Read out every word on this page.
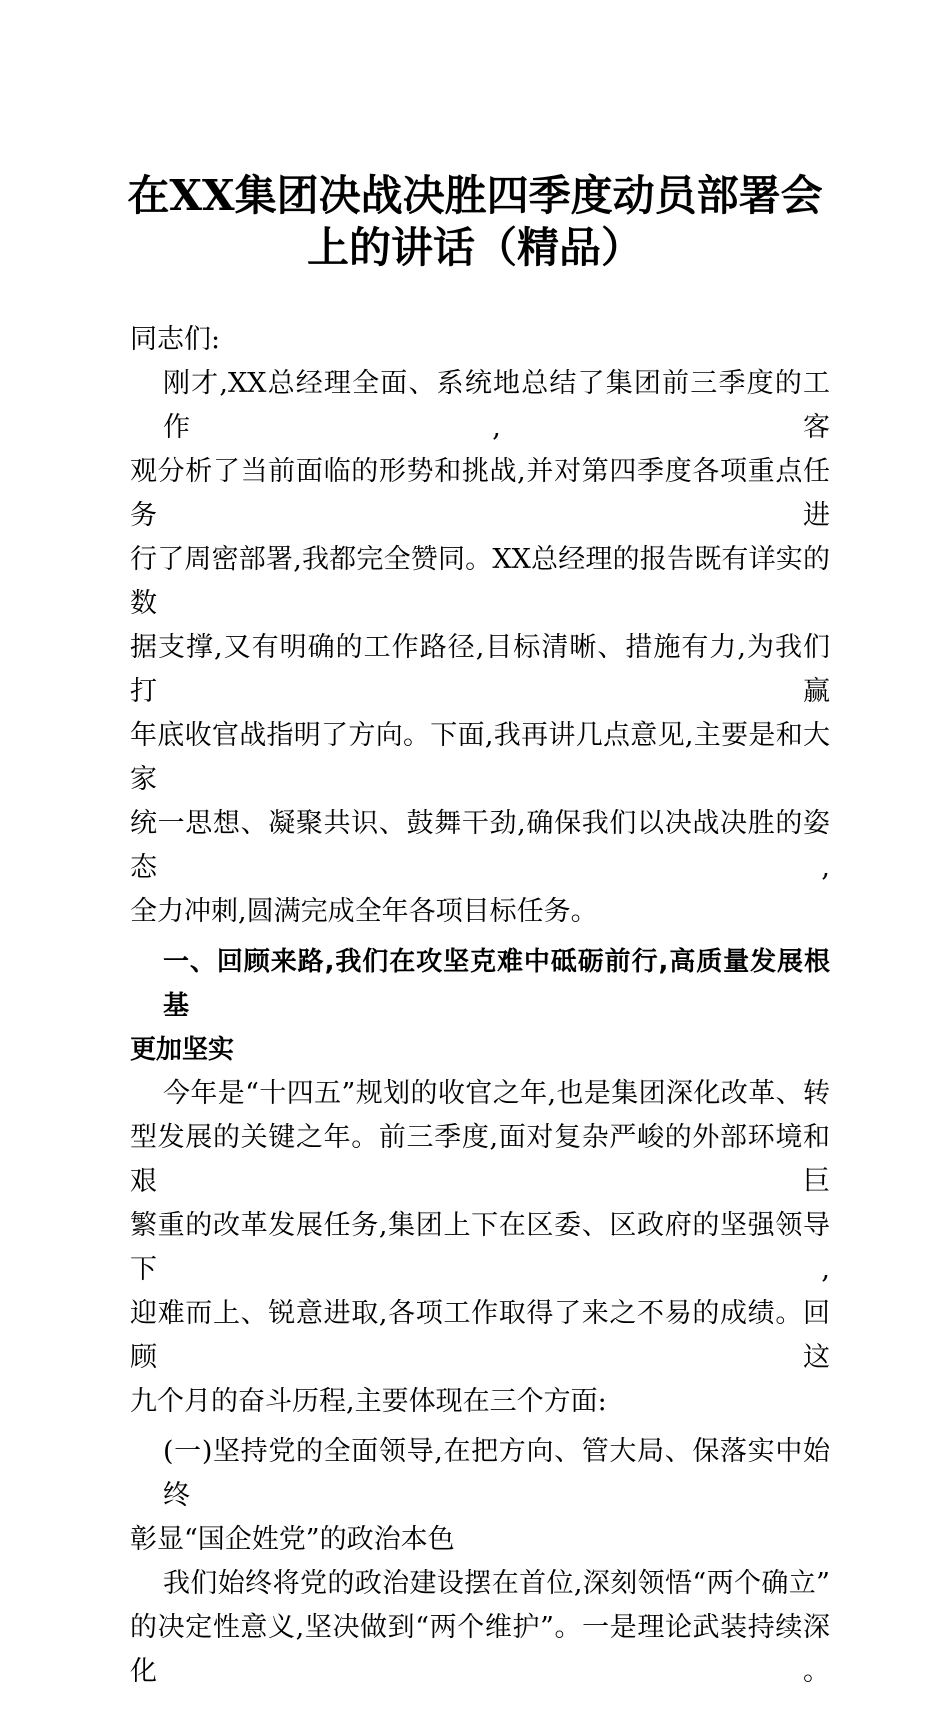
在XX集团决战决胜四季度动员部署会
上的讲话（精品）
同志们:
刚才,XX总经理全面、系统地总结了集团前三季度的工作,客
观分析了当前面临的形势和挑战,并对第四季度各项重点任务进
行了周密部署,我都完全赞同。XX总经理的报告既有详实的数
据支撑,又有明确的工作路径,目标清晰、措施有力,为我们打赢
年底收官战指明了方向。下面,我再讲几点意见,主要是和大家
统一思想、凝聚共识、鼓舞干劲,确保我们以决战决胜的姿态,
全力冲刺,圆满完成全年各项目标任务。
一、回顾来路,我们在攻坚克难中砥砺前行,高质量发展根基
更加坚实
今年是“十四五”规划的收官之年,也是集团深化改革、转
型发展的关键之年。前三季度,面对复杂严峻的外部环境和艰巨
繁重的改革发展任务,集团上下在区委、区政府的坚强领导下,
迎难而上、锐意进取,各项工作取得了来之不易的成绩。回顾这
九个月的奋斗历程,主要体现在三个方面:
(一)坚持党的全面领导,在把方向、管大局、保落实中始终
彰显“国企姓党”的政治本色
我们始终将党的政治建设摆在首位,深刻领悟“两个确立”
的决定性意义,坚决做到“两个维护”。一是理论武装持续深化。
